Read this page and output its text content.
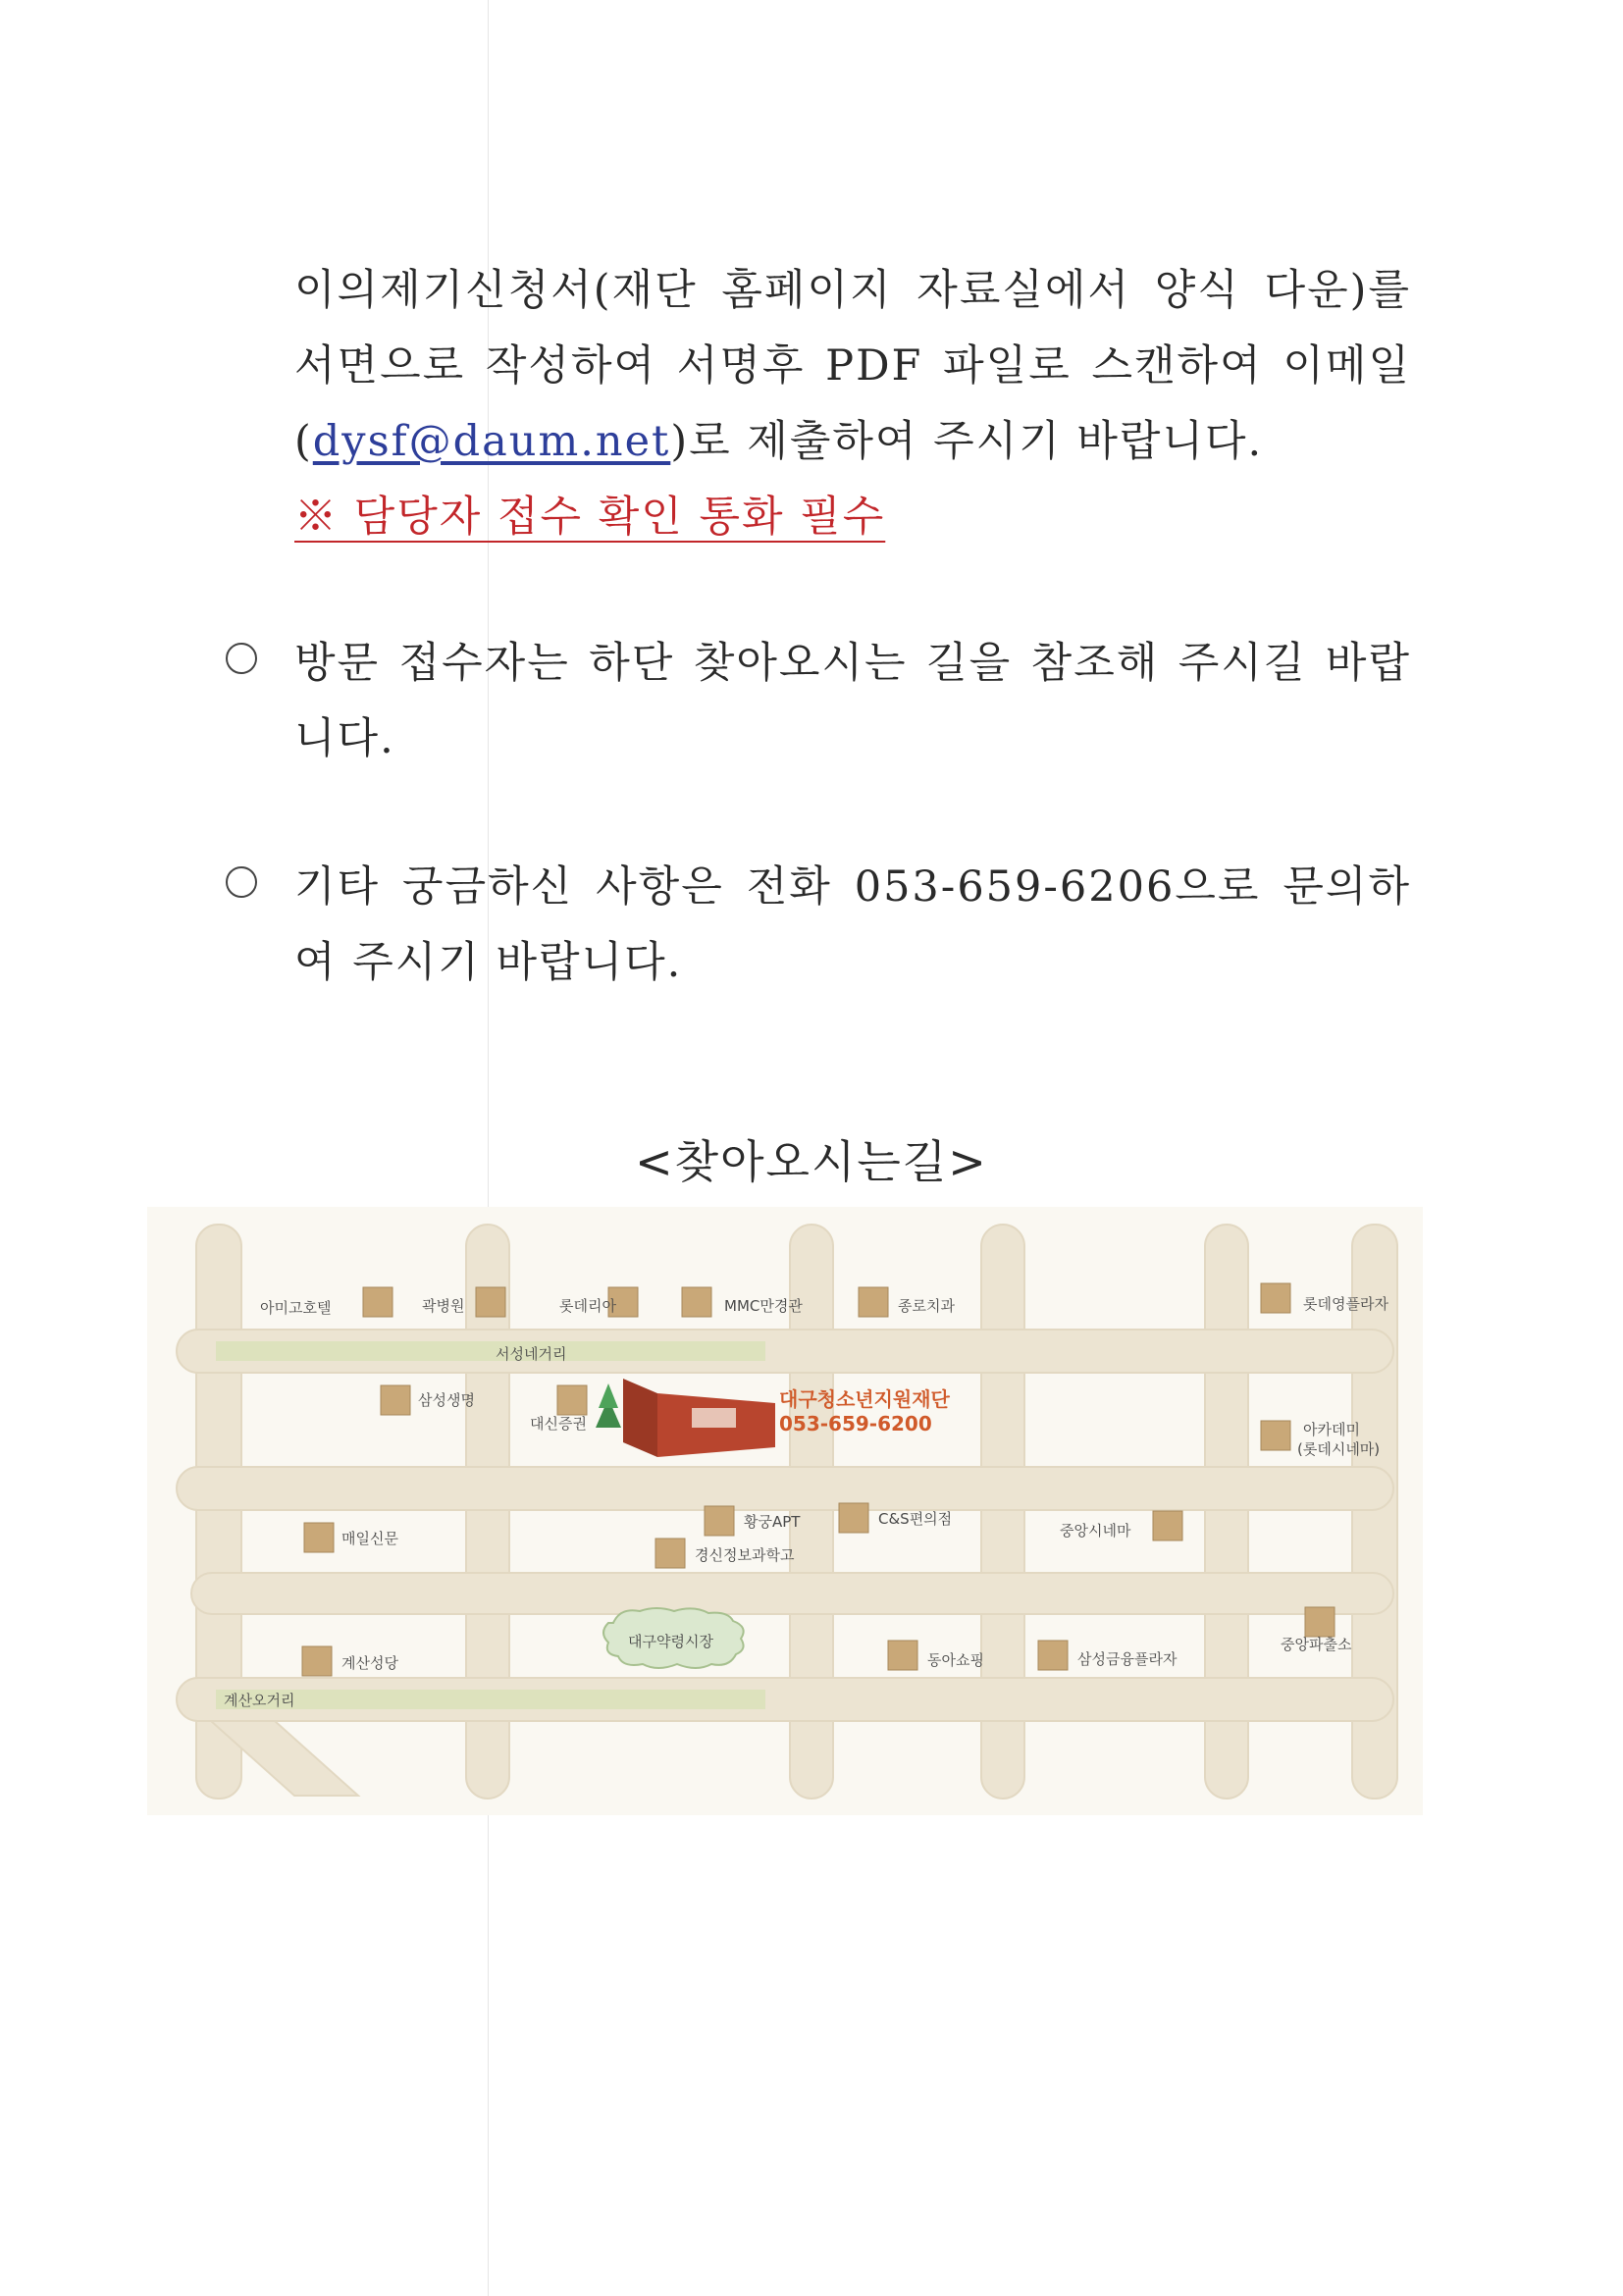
이의제기신청서(재단 홈페이지 자료실에서 양식 다운)를
서면으로 작성하여 서명후 PDF 파일로 스캔하여 이메일
(dysf@daum.net)로 제출하여 주시기 바랍니다.
※ 담당자 접수 확인 통화 필수
방문 접수자는 하단 찾아오시는 길을 참조해 주시길 바랍
니다.
기타 궁금하신 사항은 전화 053-659-6206으로 문의하
여 주시기 바랍니다.
<찾아오시는길>
아미고호텔	곽병원	롯데리아	MMC만경관	종로치과	롯데영플라자
서성네거리
삼성생명
대신증권
대구청소년지원재단
053-659-6200	아카데미
(롯데시네마)
매일신문
황궁APT	C&S편의점
중앙시네마
경신정보과학고
대구약령시장	중앙파출소
계산성당	동아쇼핑	삼성금융플라자
계산오거리
